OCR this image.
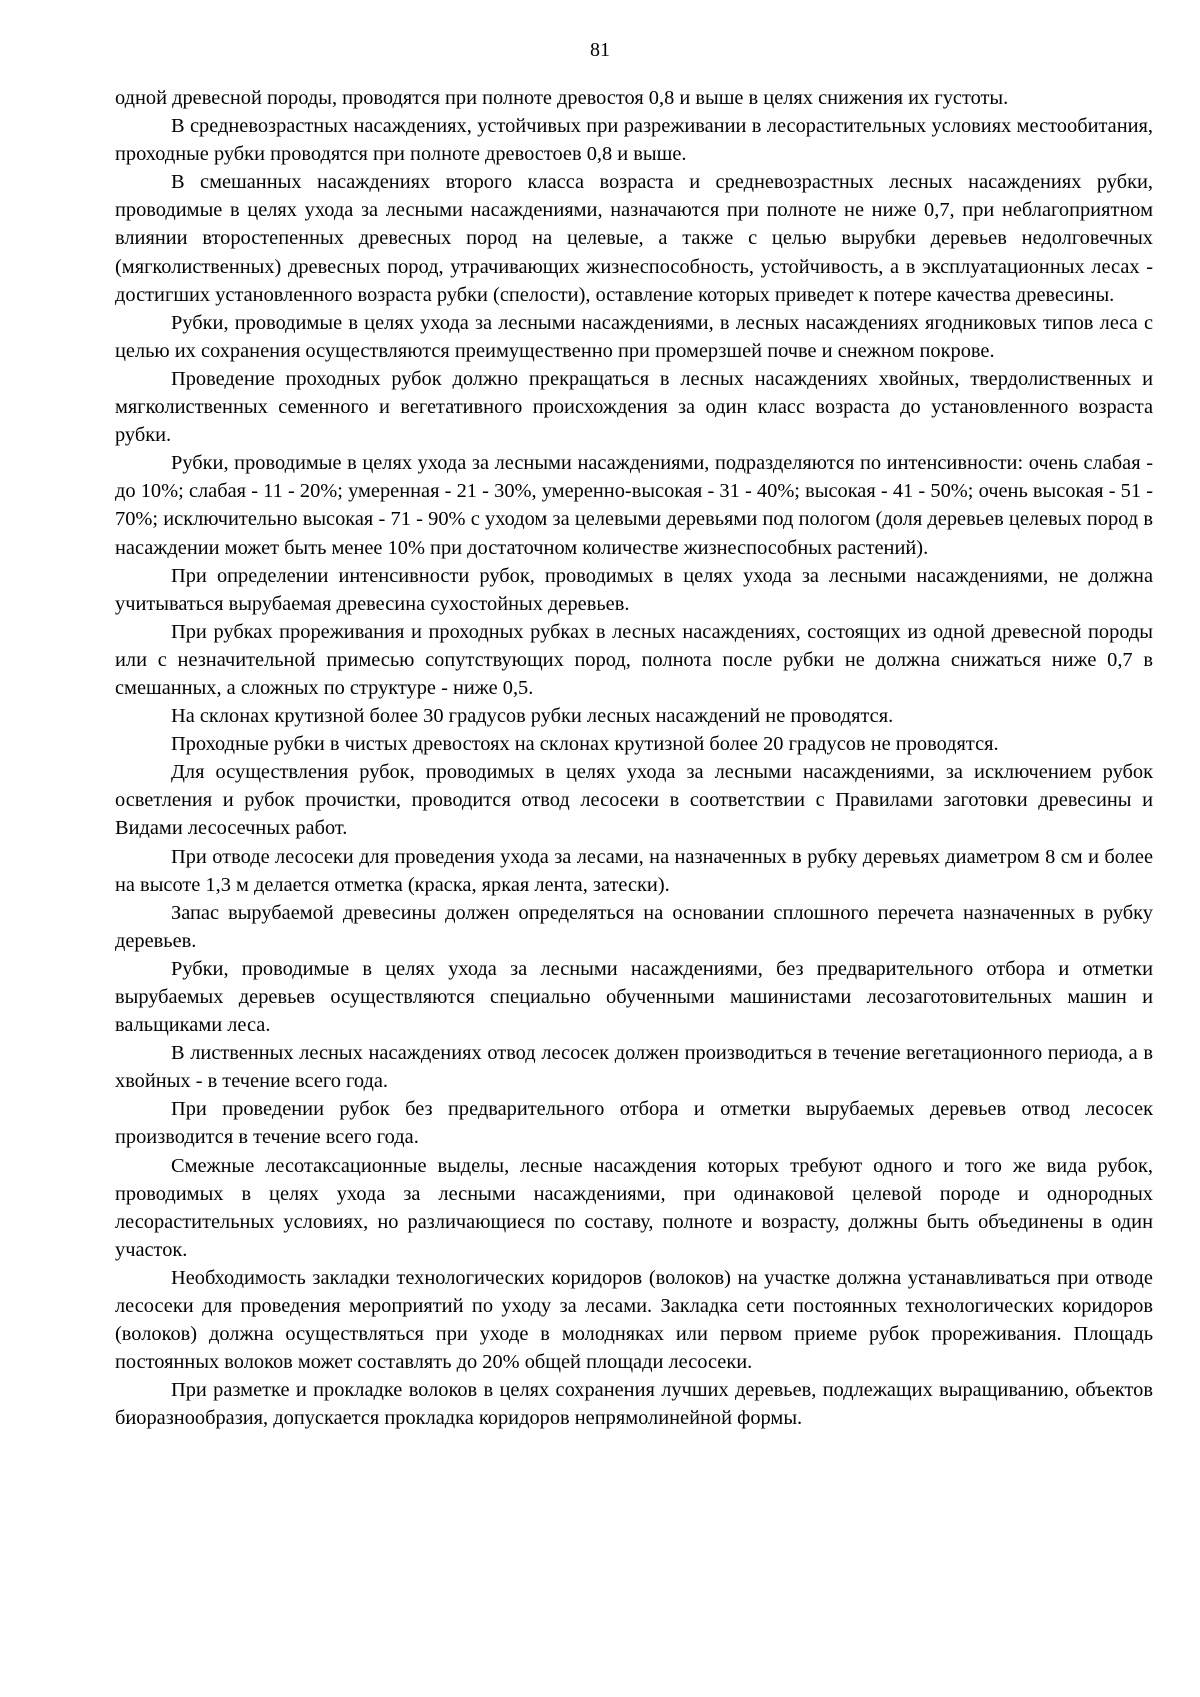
81

одной древесной породы, проводятся при полноте древостоя 0,8 и выше в целях снижения их густоты.

В средневозрастных насаждениях, устойчивых при разреживании в лесорастительных условиях местообитания, проходные рубки проводятся при полноте древостоев 0,8 и выше.

В смешанных насаждениях второго класса возраста и средневозрастных лесных насаждениях рубки, проводимые в целях ухода за лесными насаждениями, назначаются при полноте не ниже 0,7, при неблагоприятном влиянии второстепенных древесных пород на целевые, а также с целью вырубки деревьев недолговечных (мягколиственных) древесных пород, утрачивающих жизнеспособность, устойчивость, а в эксплуатационных лесах - достигших установленного возраста рубки (спелости), оставление которых приведет к потере качества древесины.

Рубки, проводимые в целях ухода за лесными насаждениями, в лесных насаждениях ягодниковых типов леса с целью их сохранения осуществляются преимущественно при промерзшей почве и снежном покрове.

Проведение проходных рубок должно прекращаться в лесных насаждениях хвойных, твердолиственных и мягколиственных семенного и вегетативного происхождения за один класс возраста до установленного возраста рубки.

Рубки, проводимые в целях ухода за лесными насаждениями, подразделяются по интенсивности: очень слабая - до 10%; слабая - 11 - 20%; умеренная - 21 - 30%, умеренно-высокая - 31 - 40%; высокая - 41 - 50%; очень высокая - 51 - 70%; исключительно высокая - 71 - 90% с уходом за целевыми деревьями под пологом (доля деревьев целевых пород в насаждении может быть менее 10% при достаточном количестве жизнеспособных растений).

При определении интенсивности рубок, проводимых в целях ухода за лесными насаждениями, не должна учитываться вырубаемая древесина сухостойных деревьев.

При рубках прореживания и проходных рубках в лесных насаждениях, состоящих из одной древесной породы или с незначительной примесью сопутствующих пород, полнота после рубки не должна снижаться ниже 0,7 в смешанных, а сложных по структуре - ниже 0,5.

На склонах крутизной более 30 градусов рубки лесных насаждений не проводятся.

Проходные рубки в чистых древостоях на склонах крутизной более 20 градусов не проводятся.

Для осуществления рубок, проводимых в целях ухода за лесными насаждениями, за исключением рубок осветления и рубок прочистки, проводится отвод лесосеки в соответствии с Правилами заготовки древесины и Видами лесосечных работ.

При отводе лесосеки для проведения ухода за лесами, на назначенных в рубку деревьях диаметром 8 см и более на высоте 1,3 м делается отметка (краска, яркая лента, затески).

Запас вырубаемой древесины должен определяться на основании сплошного перечета назначенных в рубку деревьев.

Рубки, проводимые в целях ухода за лесными насаждениями, без предварительного отбора и отметки вырубаемых деревьев осуществляются специально обученными машинистами лесозаготовительных машин и вальщиками леса.

В лиственных лесных насаждениях отвод лесосек должен производиться в течение вегетационного периода, а в хвойных - в течение всего года.

При проведении рубок без предварительного отбора и отметки вырубаемых деревьев отвод лесосек производится в течение всего года.

Смежные лесотаксационные выделы, лесные насаждения которых требуют одного и того же вида рубок, проводимых в целях ухода за лесными насаждениями, при одинаковой целевой породе и однородных лесорастительных условиях, но различающиеся по составу, полноте и возрасту, должны быть объединены в один участок.

Необходимость закладки технологических коридоров (волоков) на участке должна устанавливаться при отводе лесосеки для проведения мероприятий по уходу за лесами. Закладка сети постоянных технологических коридоров (волоков) должна осуществляться при уходе в молодняках или первом приеме рубок прореживания. Площадь постоянных волоков может составлять до 20% общей площади лесосеки.

При разметке и прокладке волоков в целях сохранения лучших деревьев, подлежащих выращиванию, объектов биоразнообразия, допускается прокладка коридоров непрямолинейной формы.
